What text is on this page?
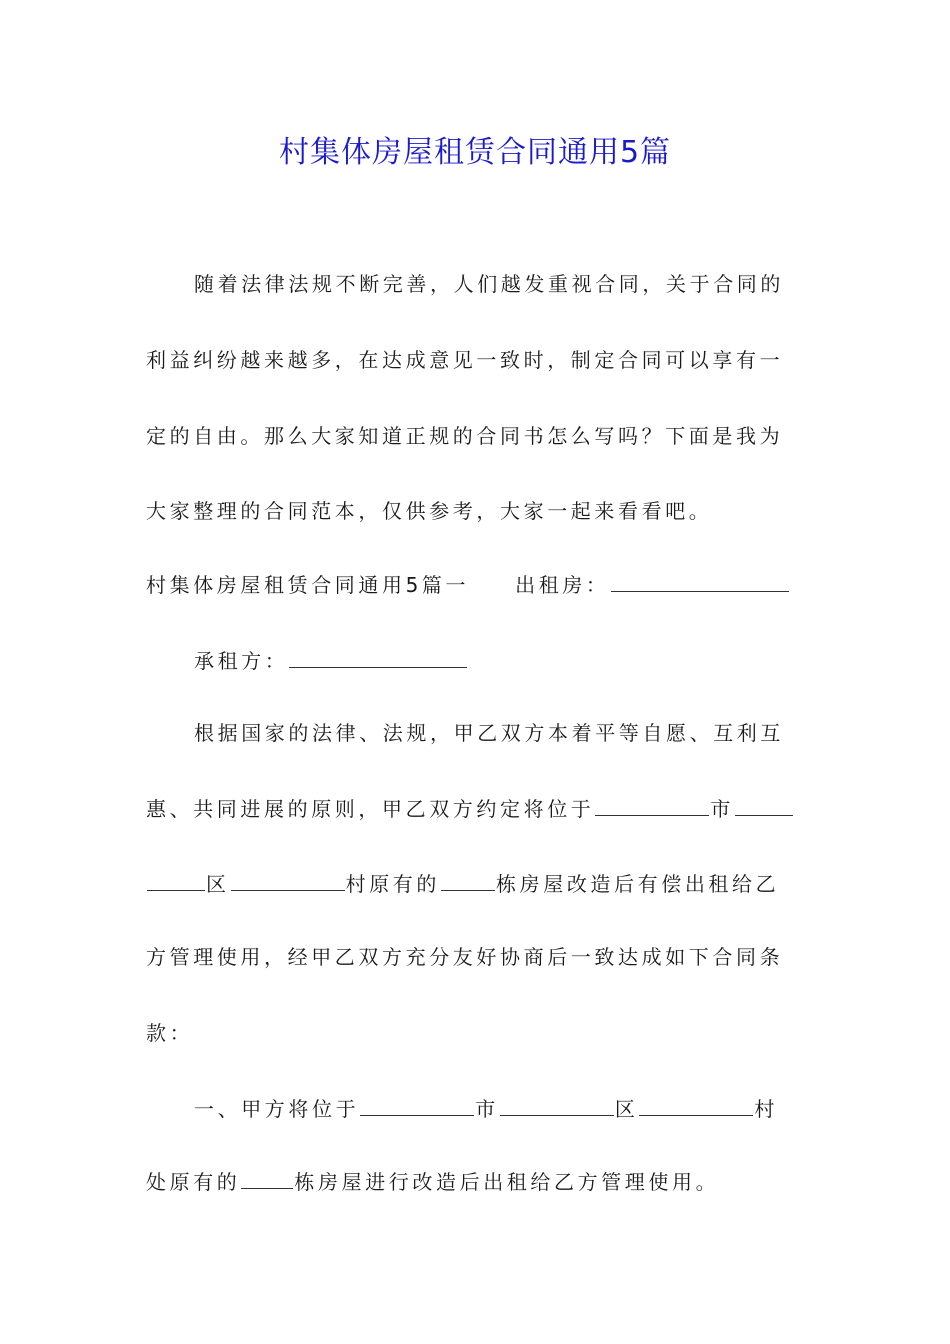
村集体房屋租赁合同通用5篇
随着法律法规不断完善，人们越发重视合同，关于合同的
利益纠纷越来越多，在达成意见一致时，制定合同可以享有一
定的自由。那么大家知道正规的合同书怎么写吗？下面是我为
大家整理的合同范本，仅供参考，大家一起来看看吧。
村集体房屋租赁合同通用5篇一 出租房：
承租方：
根据国家的法律、法规，甲乙双方本着平等自愿、互利互
惠、共同进展的原则，甲乙双方约定将位于	市
区	村原有的	栋房屋改造后有偿出租给乙
方管理使用，经甲乙双方充分友好协商后一致达成如下合同条
款：
一、甲方将位于	市	区	村
处原有的	栋房屋进行改造后出租给乙方管理使用。
